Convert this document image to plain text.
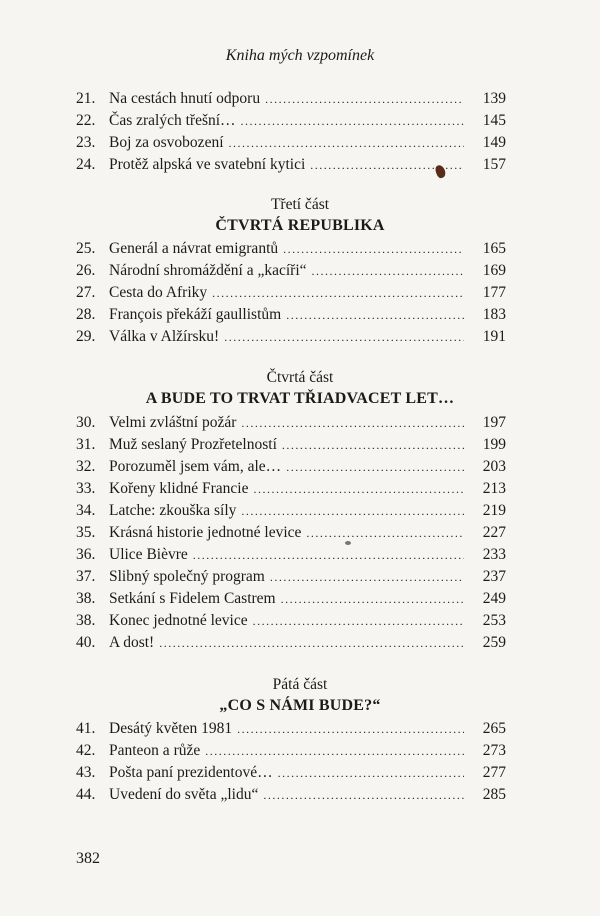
Kniha mých vzpomínek
21. Na cestách hnutí odporu .....	139
22. Čas zralých třešní… .....	145
23. Boj za osvobození .....	149
24. Protěž alpská ve svatební kytici .....	157
Třetí část
ČTVRTÁ REPUBLIKA
25. Generál a návrat emigrantů .....	165
26. Národní shromáždění a „kacíři“ .....	169
27. Cesta do Afriky .....	177
28. François překáží gaullistům .....	183
29. Válka v Alžírsku! .....	191
Čtvrtá část
A BUDE TO TRVAT TŘIADVACET LET…
30. Velmi zvláštní požár .....	197
31. Muž seslaný Prozřetelností .....	199
32. Porozuměl jsem vám, ale… .....	203
33. Kořeny klidné Francie .....	213
34. Latche: zkouška síly .....	219
35. Krásná historie jednotné levice .....	227
36. Ulice Bièvre .....	233
37. Slibný společný program .....	237
38. Setkání s Fidelem Castrem .....	249
38. Konec jednotné levice .....	253
40. A dost! .....	259
Pátá část
„CO S NÁMI BUDE?“
41. Desátý květen 1981 .....	265
42. Panteon a růže .....	273
43. Pošta paní prezidentové… .....	277
44. Uvedení do světa „lidu“ .....	285
382
